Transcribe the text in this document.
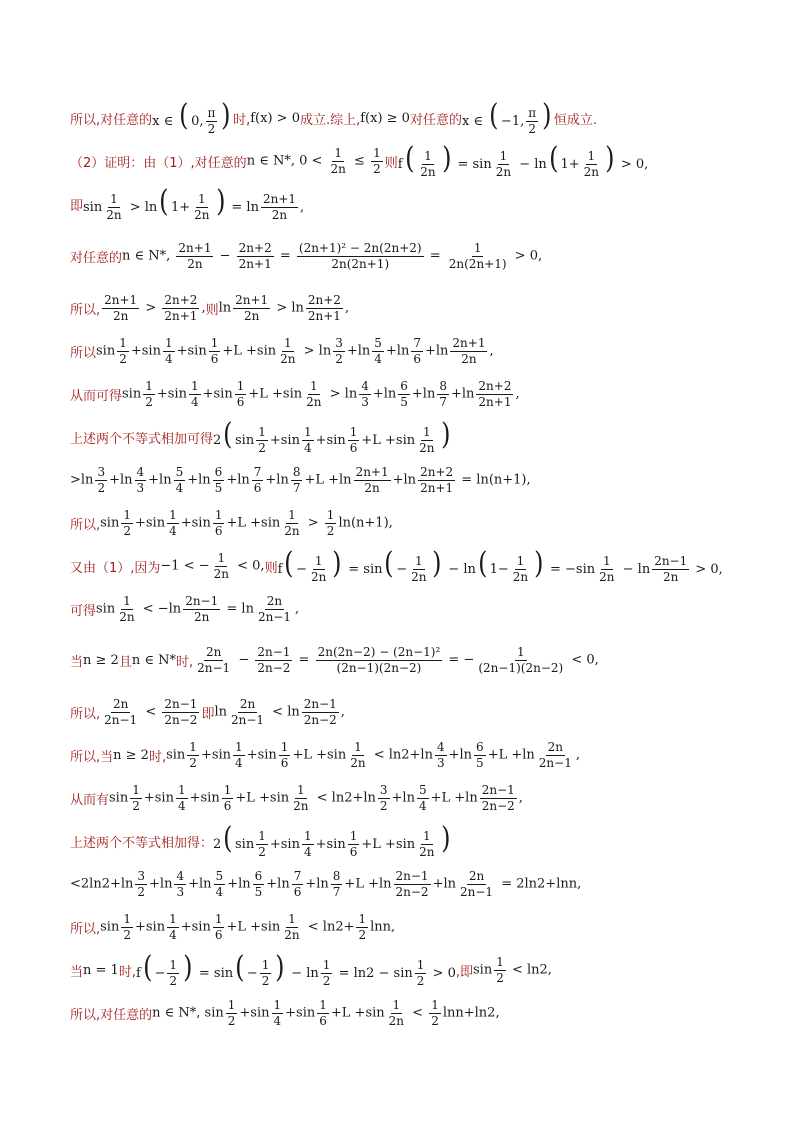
所以,对任意的 x ∈ ( 0, $\frac{\pi}{2}$ ) 时, f(x) > 0 成立.综上, f(x) ≥ 0 对任意的 x ∈ ( −1, $\frac{\pi}{2}$ ) 恒成立.
（2）证明：由（1）,对任意的 n ∈ N*, $0 < \frac{1}{2n} \le \frac{1}{2}$ 则 $f( \frac{1}{2n}$ ) = $\sin \frac{1}{2n} - \ln$( $1+ \frac{1}{2n}$ ) > 0,
即 $\sin \frac{1}{2n} > \ln$( $1+ \frac{1}{2n}$ ) = $\ln \frac{2n+1}{2n}$ ,
对任意的 n ∈ N*, $\frac{2n+1}{2n} - \frac{2n+2}{2n+1} = \frac{\text{(2n+1)² − 2n(2n+2)}}{2n(2n+1)} = \frac{1}{2n(2n+1)} > 0$,
所以, $\frac{2n+1}{2n} > \frac{2n+2}{2n+1}$ , 则 $\ln \frac{2n+1}{2n} > \ln \frac{2n+2}{2n+1}$ ,
所以 $\sin \frac{1}{2} +\sin \frac{1}{4} +\sin \frac{1}{6} +L +\sin \frac{1}{2n} > \ln \frac{3}{2} +\ln \frac{5}{4} +\ln \frac{7}{6} +\ln \frac{2n+1}{2n}$ ,
从而可得 $\sin \frac{1}{2} +\sin \frac{1}{4} +\sin \frac{1}{6} +L +\sin \frac{1}{2n} > \ln \frac{4}{3} +\ln \frac{6}{5} +\ln \frac{8}{7} +\ln \frac{2n+2}{2n+1}$ ,
上述两个不等式相加可得 2( $\sin \frac{1}{2} +\sin \frac{1}{4} +\sin \frac{1}{6} +L +\sin \frac{1}{2n}$ )
$>\ln \frac{3}{2} +\ln \frac{4}{3} +\ln \frac{5}{4} +\ln \frac{6}{5} +\ln \frac{7}{6} +\ln \frac{8}{7} +L +\ln \frac{2n+1}{2n} +\ln \frac{2n+2}{2n+1} = \ln(n+1)$,
所以, $\sin \frac{1}{2} +\sin \frac{1}{4} +\sin \frac{1}{6} +L +\sin \frac{1}{2n} > \frac{1}{2} \ln(n+1)$,
又由（1）,因为 −1 < − $\frac{1}{2n} < 0$, 则 $f( - \frac{1}{2n}$ ) = $\sin( - \frac{1}{2n}$ ) − ln( $1- \frac{1}{2n}$ ) = $-\sin \frac{1}{2n} - \ln \frac{2n-1}{2n} > 0$,
可得 $\sin \frac{1}{2n} < -\ln \frac{2n-1}{2n} = \ln \frac{2n}{2n-1}$ ,
当 n ≥ 2 且 n ∈ N* 时, $\frac{2n}{2n-1} - \frac{2n-1}{2n-2} = \frac{\text{2n(2n−2) − (2n−1)²}}{(2n-1)(2n-2)}$ = − $\frac{1}{(2n-1)(2n-2)} < 0$,
所以, $\frac{2n}{2n-1} < \frac{2n-1}{2n-2}$ 即 $\ln \frac{2n}{2n-1} < \ln \frac{2n-1}{2n-2}$ ,
所以,当 n ≥ 2 时, $\sin \frac{1}{2} +\sin \frac{1}{4} +\sin \frac{1}{6} +L +\sin \frac{1}{2n} < \ln 2+\ln \frac{4}{3} +\ln \frac{6}{5} +L +\ln \frac{2n}{2n-1}$ ,
从而有 $\sin \frac{1}{2} +\sin \frac{1}{4} +\sin \frac{1}{6} +L +\sin \frac{1}{2n} < \ln 2+\ln \frac{3}{2} +\ln \frac{5}{4} +L +\ln \frac{2n-1}{2n-2}$ ,
上述两个不等式相加得： 2( $\sin \frac{1}{2} +\sin \frac{1}{4} +\sin \frac{1}{6} +L +\sin \frac{1}{2n}$ )
$<2\ln 2+\ln \frac{3}{2} +\ln \frac{4}{3} +\ln \frac{5}{4} +\ln \frac{6}{5} +\ln \frac{7}{6} +\ln \frac{8}{7} +L +\ln \frac{2n-1}{2n-2} +\ln \frac{2n}{2n-1} = 2\ln 2+\ln n$,
所以, $\sin \frac{1}{2} +\sin \frac{1}{4} +\sin \frac{1}{6} +L +\sin \frac{1}{2n} < \ln 2+ \frac{1}{2} \ln n$,
当 n = 1 时, $f( - \frac{1}{2}$ ) = $\sin( - \frac{1}{2}$ ) − $\ln \frac{1}{2} = \ln 2 - \sin \frac{1}{2} > 0$ ,即 $\sin \frac{1}{2} < \ln 2$,
所以,对任意的 n ∈ N*, $\sin \frac{1}{2} +\sin \frac{1}{4} +\sin \frac{1}{6} +L +\sin \frac{1}{2n} < \frac{1}{2} \ln n+\ln 2$,
